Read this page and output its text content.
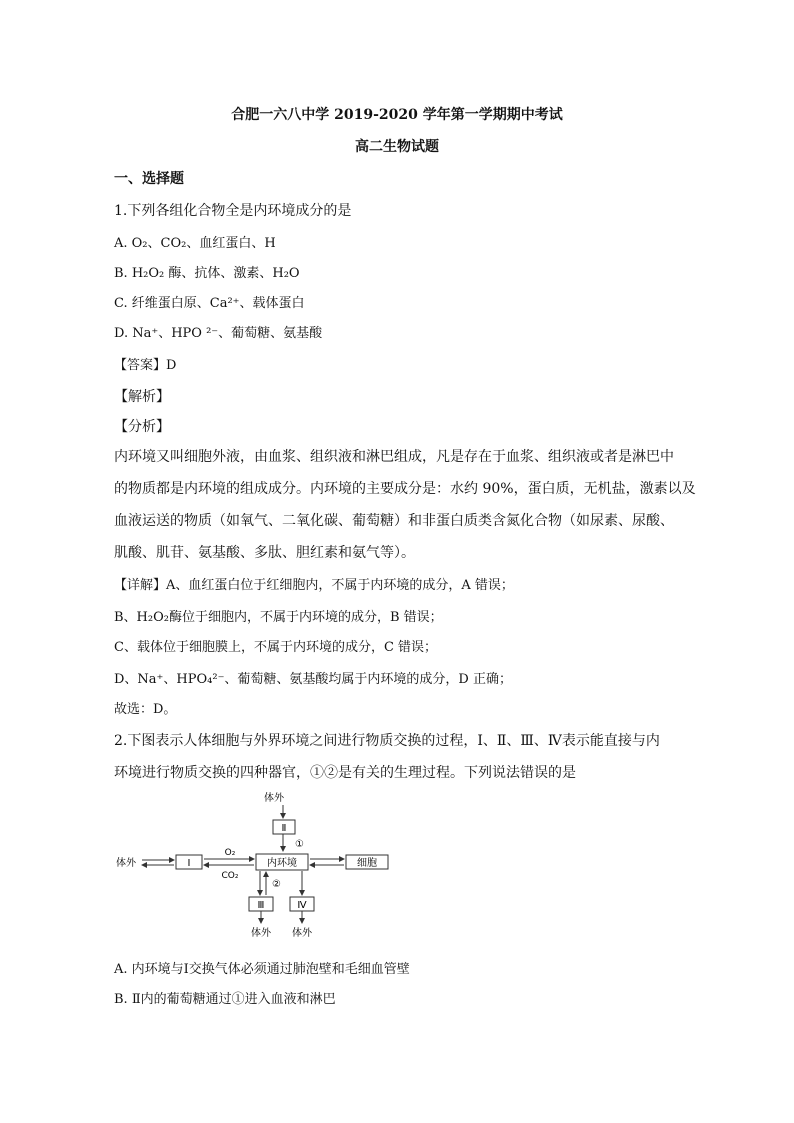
合肥一六八中学 2019-2020 学年第一学期期中考试
高二生物试题
一、选择题
1.下列各组化合物全是内环境成分的是
A. O₂、CO₂、血红蛋白、H
B. H₂O₂ 酶、抗体、激素、H₂O
C. 纤维蛋白原、Ca²⁺、载体蛋白
D. Na⁺、HPO ²⁻、葡萄糖、氨基酸
【答案】D
【解析】
【分析】
内环境又叫细胞外液，由血浆、组织液和淋巴组成，凡是存在于血浆、组织液或者是淋巴中
的物质都是内环境的组成成分。内环境的主要成分是：水约 90%，蛋白质，无机盐，激素以及
血液运送的物质（如氧气、二氧化碳、葡萄糖）和非蛋白质类含氮化合物（如尿素、尿酸、
肌酸、肌苷、氨基酸、多肽、胆红素和氨气等）。
【详解】A、血红蛋白位于红细胞内，不属于内环境的成分，A 错误；
B、H₂O₂酶位于细胞内，不属于内环境的成分，B 错误；
C、载体位于细胞膜上，不属于内环境的成分，C 错误；
D、Na⁺、HPO₄²⁻、葡萄糖、氨基酸均属于内环境的成分，D 正确；
故选：D。
2.下图表示人体细胞与外界环境之间进行物质交换的过程，Ⅰ、Ⅱ、Ⅲ、Ⅳ表示能直接与内
环境进行物质交换的四种器官，①②是有关的生理过程。下列说法错误的是
体外
Ⅱ
①
体外	Ⅰ
O₂
CO₂
内环境	细胞
②
Ⅲ
体外
Ⅳ
体外
A. 内环境与Ⅰ交换气体必须通过肺泡壁和毛细血管壁
B. Ⅱ内的葡萄糖通过①进入血液和淋巴
